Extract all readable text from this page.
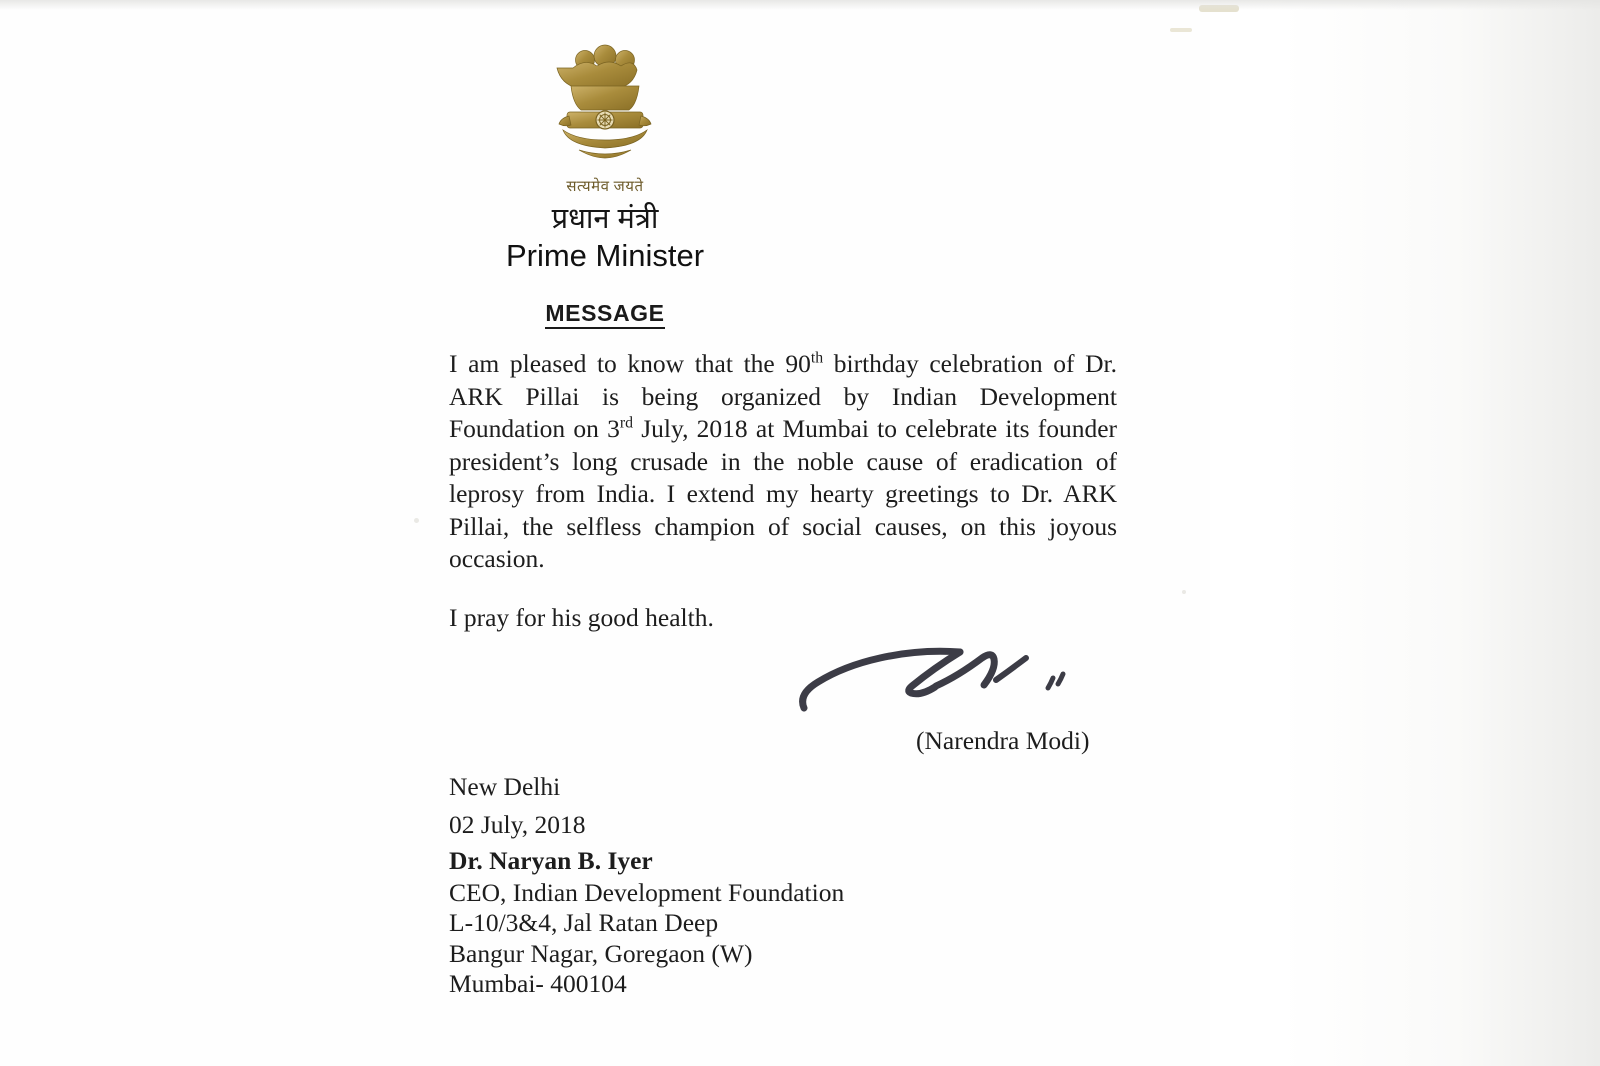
सत्यमेव जयते
प्रधान मंत्री
Prime Minister
MESSAGE

I am pleased to know that the 90th birthday celebration of Dr. ARK Pillai is being organized by Indian Development Foundation on 3rd July, 2018 at Mumbai to celebrate its founder president’s long crusade in the noble cause of eradication of leprosy from India. I extend my hearty greetings to Dr. ARK Pillai, the selfless champion of social causes, on this joyous occasion.

I pray for his good health.

(Narendra Modi)
New Delhi
02 July, 2018
Dr. Naryan B. Iyer
CEO, Indian Development Foundation
L-10/3&4, Jal Ratan Deep
Bangur Nagar, Goregaon (W)
Mumbai- 400104
